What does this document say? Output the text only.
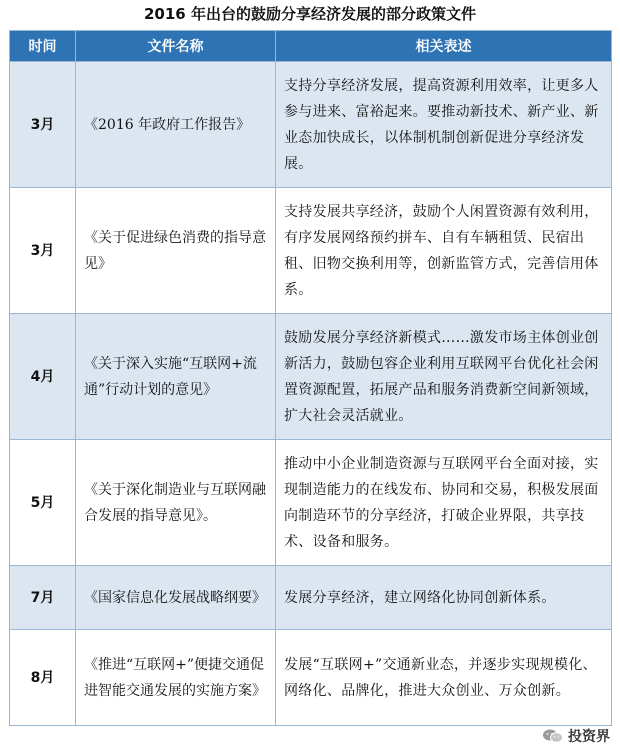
2016 年出台的鼓励分享经济发展的部分政策文件
时间	文件名称	相关表述
3月	《2016 年政府工作报告》	支持分享经济发展，提高资源利用效率，让更多人参与进来、富裕起来。要推动新技术、新产业、新业态加快成长，以体制机制创新促进分享经济发展。
3月	《关于促进绿色消费的指导意见》	支持发展共享经济，鼓励个人闲置资源有效利用，有序发展网络预约拼车、自有车辆租赁、民宿出租、旧物交换利用等，创新监管方式，完善信用体系。
4月	《关于深入实施“互联网+流通”行动计划的意见》	鼓励发展分享经济新模式……激发市场主体创业创新活力，鼓励包容企业利用互联网平台优化社会闲置资源配置，拓展产品和服务消费新空间新领域，扩大社会灵活就业。
5月	《关于深化制造业与互联网融合发展的指导意见》。	推动中小企业制造资源与互联网平台全面对接，实现制造能力的在线发布、协同和交易，积极发展面向制造环节的分享经济，打破企业界限，共享技术、设备和服务。
7月	《国家信息化发展战略纲要》	发展分享经济，建立网络化协同创新体系。
8月	《推进“互联网+”便捷交通促进智能交通发展的实施方案》	发展“互联网+”交通新业态，并逐步实现规模化、网络化、品牌化，推进大众创业、万众创新。
投资界
